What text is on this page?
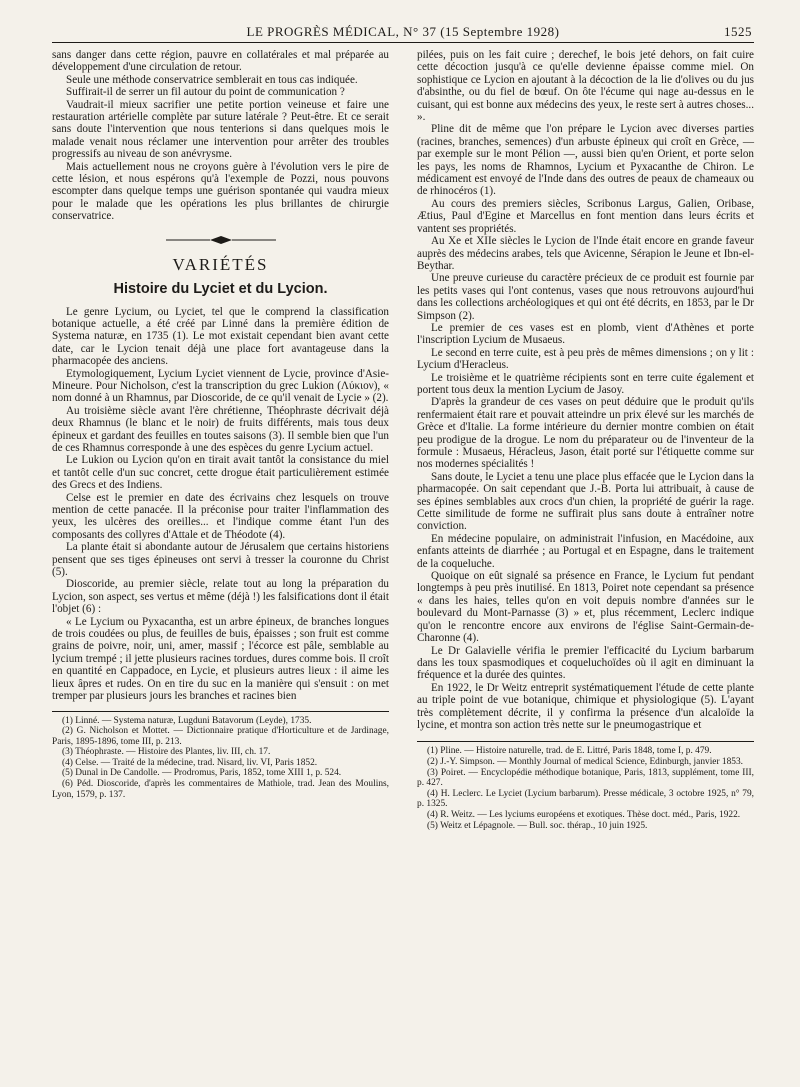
LE PROGRÈS MÉDICAL, N° 37 (15 Septembre 1928)	1525

sans danger dans cette région, pauvre en collatérales et mal préparée au développement d'une circulation de retour.

Seule une méthode conservatrice semblerait en tous cas indiquée.

Suffirait-il de serrer un fil autour du point de communication ?

Vaudrait-il mieux sacrifier une petite portion veineuse et faire une restauration artérielle complète par suture latérale ? Peut-être. Et ce serait sans doute l'intervention que nous tenterions si dans quelques mois le malade venait nous réclamer une intervention pour arrêter des troubles progressifs au niveau de son anévrysme.

Mais actuellement nous ne croyons guère à l'évolution vers le pire de cette lésion, et nous espérons qu'à l'exemple de Pozzi, nous pouvons escompter dans quelque temps une guérison spontanée qui vaudra mieux pour le malade que les opérations les plus brillantes de chirurgie conservatrice.

VARIÉTÉS
Histoire du Lyciet et du Lycion.

Le genre Lycium, ou Lyciet, tel que le comprend la classification botanique actuelle, a été créé par Linné dans la première édition de Systema naturæ, en 1735 (1). Le mot existait cependant bien avant cette date, car le Lycion tenait déjà une place fort avantageuse dans la pharmacopée des anciens.

Etymologiquement, Lycium Lyciet viennent de Lycie, province d'Asie-Mineure. Pour Nicholson, c'est la transcription du grec Lukion (Λύκιον), « nom donné à un Rhamnus, par Dioscoride, de ce qu'il venait de Lycie » (2).

Au troisième siècle avant l'ère chrétienne, Théophraste décrivait déjà deux Rhamnus (le blanc et le noir) de fruits différents, mais tous deux épineux et gardant des feuilles en toutes saisons (3). Il semble bien que l'un de ces Rhamnus corresponde à une des espèces du genre Lycium actuel.

Le Lukion ou Lycion qu'on en tirait avait tantôt la consistance du miel et tantôt celle d'un suc concret, cette drogue était particulièrement estimée des Grecs et des Indiens.

Celse est le premier en date des écrivains chez lesquels on trouve mention de cette panacée. Il la préconise pour traiter l'inflammation des yeux, les ulcères des oreilles... et l'indique comme étant l'un des composants des collyres d'Attale et de Théodote (4).

La plante était si abondante autour de Jérusalem que certains historiens pensent que ses tiges épineuses ont servi à tresser la couronne du Christ (5).

Dioscoride, au premier siècle, relate tout au long la préparation du Lycion, son aspect, ses vertus et même (déjà !) les falsifications dont il était l'objet (6) :

« Le Lycium ou Pyxacantha, est un arbre épineux, de branches longues de trois coudées ou plus, de feuilles de buis, épaisses ; son fruit est comme grains de poivre, noir, uni, amer, massif ; l'écorce est pâle, semblable au lycium trempé ; il jette plusieurs racines tordues, dures comme bois. Il croît en quantité en Cappadoce, en Lycie, et plusieurs autres lieux : il aime les lieux âpres et rudes. On en tire du suc en la manière qui s'ensuit : on met tremper par plusieurs jours les branches et racines bien

(1) Linné. — Systema naturæ, Lugduni Batavorum (Leyde), 1735.

(2) G. Nicholson et Mottet. — Dictionnaire pratique d'Horticulture et de Jardinage, Paris, 1895-1896, tome III, p. 213.

(3) Théophraste. — Histoire des Plantes, liv. III, ch. 17.

(4) Celse. — Traité de la médecine, trad. Nisard, liv. VI, Paris 1852.

(5) Dunal in De Candolle. — Prodromus, Paris, 1852, tome XIII 1, p. 524.

(6) Péd. Dioscoride, d'après les commentaires de Mathiole, trad. Jean des Moulins, Lyon, 1579, p. 137.

pilées, puis on les fait cuire ; derechef, le bois jeté dehors, on fait cuire cette décoction jusqu'à ce qu'elle devienne épaisse comme miel. On sophistique ce Lycion en ajoutant à la décoction de la lie d'olives ou du jus d'absinthe, ou du fiel de bœuf. On ôte l'écume qui nage au-dessus en le cuisant, qui est bonne aux médecins des yeux, le reste sert à autres choses... ».

Pline dit de même que l'on prépare le Lycion avec diverses parties (racines, branches, semences) d'un arbuste épineux qui croît en Grèce, — par exemple sur le mont Pélion —, aussi bien qu'en Orient, et porte selon les pays, les noms de Rhamnos, Lycium et Pyxacanthe de Chiron. Le médicament est envoyé de l'Inde dans des outres de peaux de chameaux ou de rhinocéros (1).

Au cours des premiers siècles, Scribonus Largus, Galien, Oribase, Ætius, Paul d'Egine et Marcellus en font mention dans leurs écrits et vantent ses propriétés.

Au Xe et XIIe siècles le Lycion de l'Inde était encore en grande faveur auprès des médecins arabes, tels que Avicenne, Sérapion le Jeune et Ibn-el-Beythar.

Une preuve curieuse du caractère précieux de ce produit est fournie par les petits vases qui l'ont contenus, vases que nous retrouvons aujourd'hui dans les collections archéologiques et qui ont été décrits, en 1853, par le Dr Simpson (2).

Le premier de ces vases est en plomb, vient d'Athènes et porte l'inscription Lycium de Musaeus.

Le second en terre cuite, est à peu près de mêmes dimensions ; on y lit : Lycium d'Heracleus.

Le troisième et le quatrième récipients sont en terre cuite également et portent tous deux la mention Lycium de Jasoy.

D'après la grandeur de ces vases on peut déduire que le produit qu'ils renfermaient était rare et pouvait atteindre un prix élevé sur les marchés de Grèce et d'Italie. La forme intérieure du dernier montre combien on était peu prodigue de la drogue. Le nom du préparateur ou de l'inventeur de la formule : Musaeus, Héracleus, Jason, était porté sur l'étiquette comme sur nos modernes spécialités !

Sans doute, le Lyciet a tenu une place plus effacée que le Lycion dans la pharmacopée. On sait cependant que J.-B. Porta lui attribuait, à cause de ses épines semblables aux crocs d'un chien, la propriété de guérir la rage. Cette similitude de forme ne suffirait plus sans doute à entraîner notre conviction.

En médecine populaire, on administrait l'infusion, en Macédoine, aux enfants atteints de diarrhée ; au Portugal et en Espagne, dans le traitement de la coqueluche.

Quoique on eût signalé sa présence en France, le Lycium fut pendant longtemps à peu près inutilisé. En 1813, Poiret note cependant sa présence « dans les haies, telles qu'on en voit depuis nombre d'années sur le boulevard du Mont-Parnasse (3) » et, plus récemment, Leclerc indique qu'on le rencontre encore aux environs de l'église Saint-Germain-de-Charonne (4).

Le Dr Galavielle vérifia le premier l'efficacité du Lycium barbarum dans les toux spasmodiques et coqueluchoïdes où il agit en diminuant la fréquence et la durée des quintes.

En 1922, le Dr Weitz entreprit systématiquement l'étude de cette plante au triple point de vue botanique, chimique et physiologique (5). L'ayant très complètement décrite, il y confirma la présence d'un alcaloïde la lycine, et montra son action très nette sur le pneumogastrique et

(1) Pline. — Histoire naturelle, trad. de E. Littré, Paris 1848, tome I, p. 479.

(2) J.-Y. Simpson. — Monthly Journal of medical Science, Edinburgh, janvier 1853.

(3) Poiret. — Encyclopédie méthodique botanique, Paris, 1813, supplément, tome III, p. 427.

(4) H. Leclerc. Le Lyciet (Lycium barbarum). Presse médicale, 3 octobre 1925, n° 79, p. 1325.

(4) R. Weitz. — Les lyciums européens et exotiques. Thèse doct. méd., Paris, 1922.

(5) Weitz et Lépagnole. — Bull. soc. thérap., 10 juin 1925.
